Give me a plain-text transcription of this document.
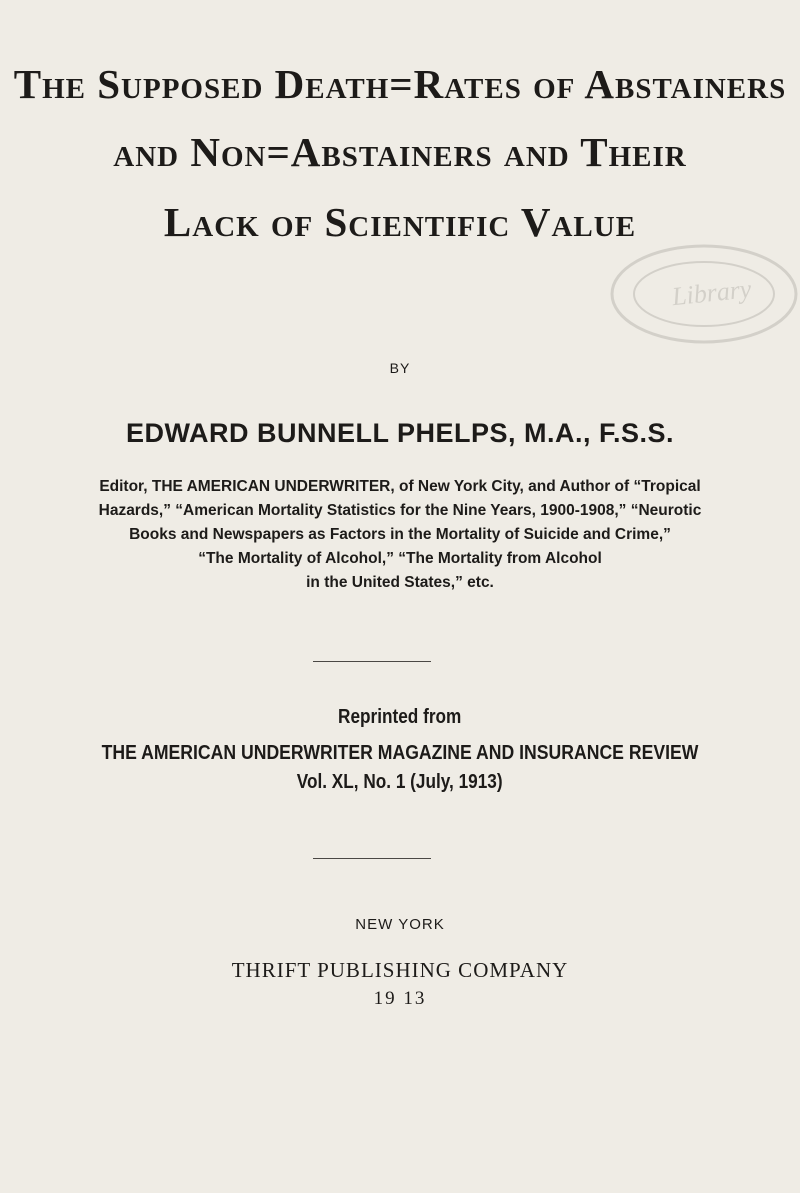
The Supposed Death=Rates of Abstainers
and Non=Abstainers and Their
Lack of Scientific Value
Library
BY
EDWARD BUNNELL PHELPS, M.A., F.S.S.
Editor, THE AMERICAN UNDERWRITER, of New York City, and Author of “Tropical
Hazards,” “American Mortality Statistics for the Nine Years, 1900-1908,” “Neurotic
Books and Newspapers as Factors in the Mortality of Suicide and Crime,”
“The Mortality of Alcohol,” “The Mortality from Alcohol
in the United States,” etc.
Reprinted from
THE AMERICAN UNDERWRITER MAGAZINE AND INSURANCE REVIEW
Vol. XL, No. 1 (July, 1913)
NEW YORK
THRIFT PUBLISHING COMPANY
19 13
